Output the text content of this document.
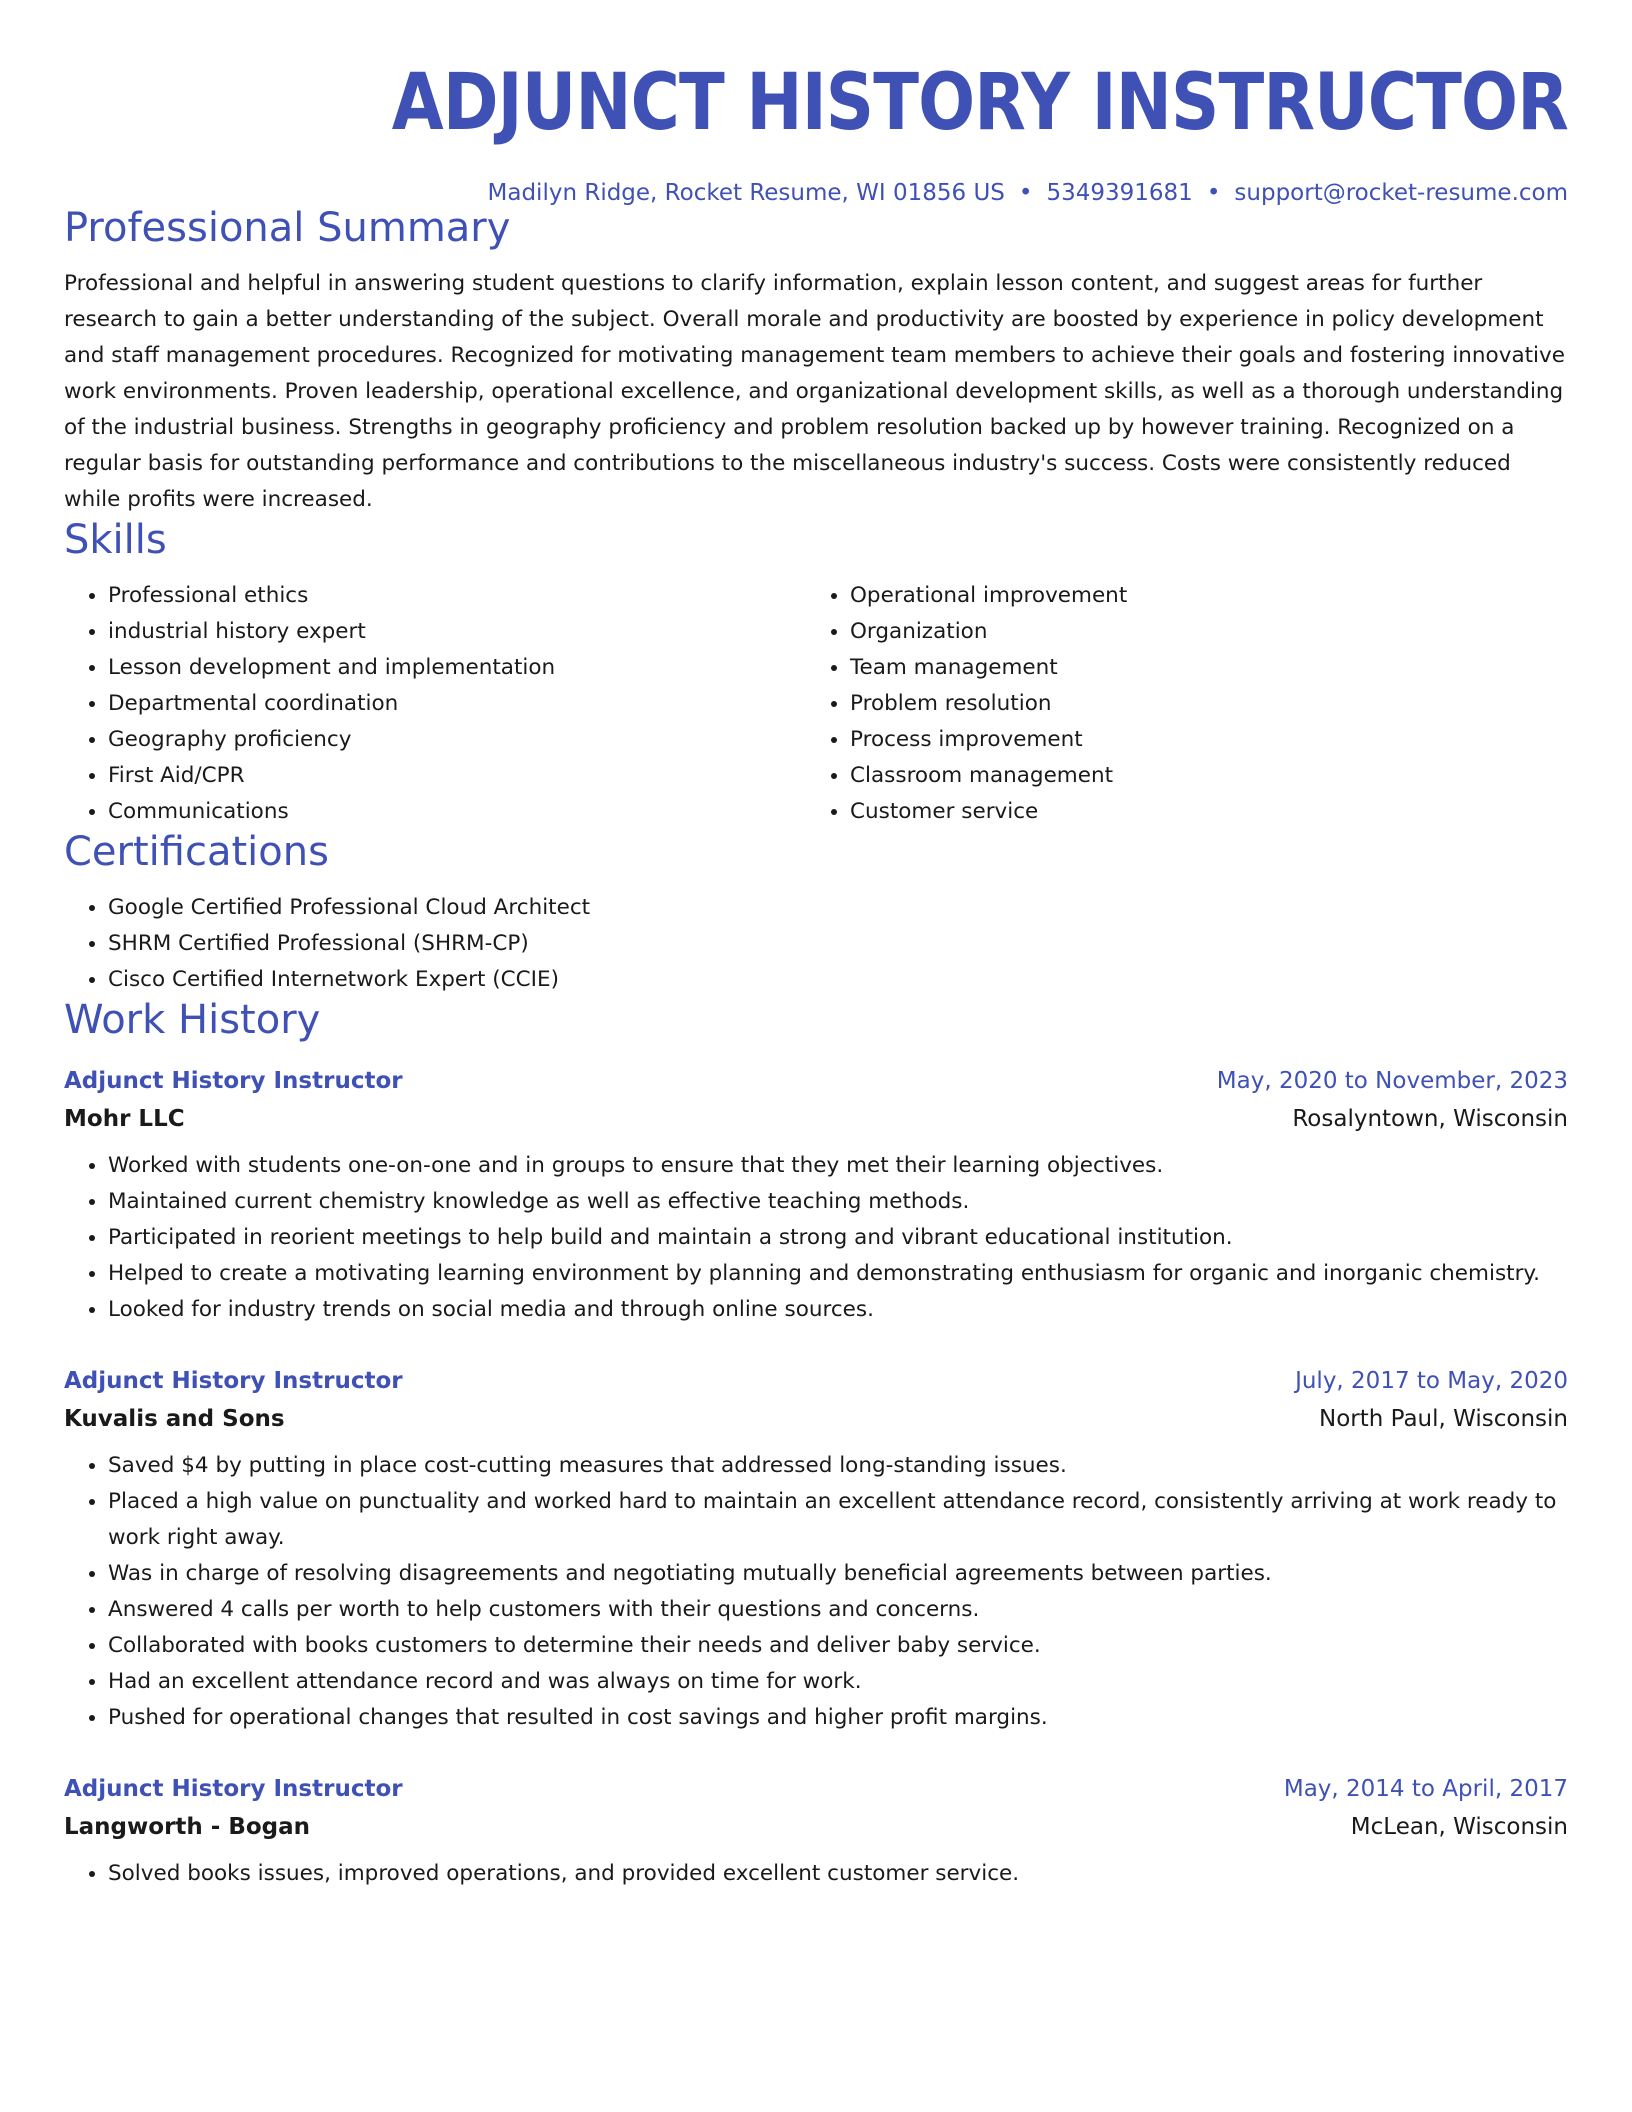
ADJUNCT HISTORY INSTRUCTOR
Madilyn Ridge, Rocket Resume, WI 01856 US • 5349391681 • support@rocket-resume.com
Professional Summary

Professional and helpful in answering student questions to clarify information, explain lesson content, and suggest areas for further research to gain a better understanding of the subject. Overall morale and productivity are boosted by experience in policy development and staff management procedures. Recognized for motivating management team members to achieve their goals and fostering innovative work environments. Proven leadership, operational excellence, and organizational development skills, as well as a thorough understanding of the industrial business. Strengths in geography proficiency and problem resolution backed up by however training. Recognized on a regular basis for outstanding performance and contributions to the miscellaneous industry's success. Costs were consistently reduced while profits were increased.

Skills
• Professional ethics
• industrial history expert
• Lesson development and implementation
• Departmental coordination
• Geography proficiency
• First Aid/CPR
• Communications
• Operational improvement
• Organization
• Team management
• Problem resolution
• Process improvement
• Classroom management
• Customer service
Certifications
• Google Certified Professional Cloud Architect
• SHRM Certified Professional (SHRM-CP)
• Cisco Certified Internetwork Expert (CCIE)
Work History
Adjunct History Instructor	May, 2020 to November, 2023
Mohr LLC	Rosalyntown, Wisconsin
• Worked with students one-on-one and in groups to ensure that they met their learning objectives.
• Maintained current chemistry knowledge as well as effective teaching methods.
• Participated in reorient meetings to help build and maintain a strong and vibrant educational institution.
• Helped to create a motivating learning environment by planning and demonstrating enthusiasm for organic and inorganic chemistry.
• Looked for industry trends on social media and through online sources.
Adjunct History Instructor	July, 2017 to May, 2020
Kuvalis and Sons	North Paul, Wisconsin
• Saved $4 by putting in place cost-cutting measures that addressed long-standing issues.
• Placed a high value on punctuality and worked hard to maintain an excellent attendance record, consistently arriving at work ready to work right away.
• Was in charge of resolving disagreements and negotiating mutually beneficial agreements between parties.
• Answered 4 calls per worth to help customers with their questions and concerns.
• Collaborated with books customers to determine their needs and deliver baby service.
• Had an excellent attendance record and was always on time for work.
• Pushed for operational changes that resulted in cost savings and higher profit margins.
Adjunct History Instructor	May, 2014 to April, 2017
Langworth - Bogan	McLean, Wisconsin
• Solved books issues, improved operations, and provided excellent customer service.
